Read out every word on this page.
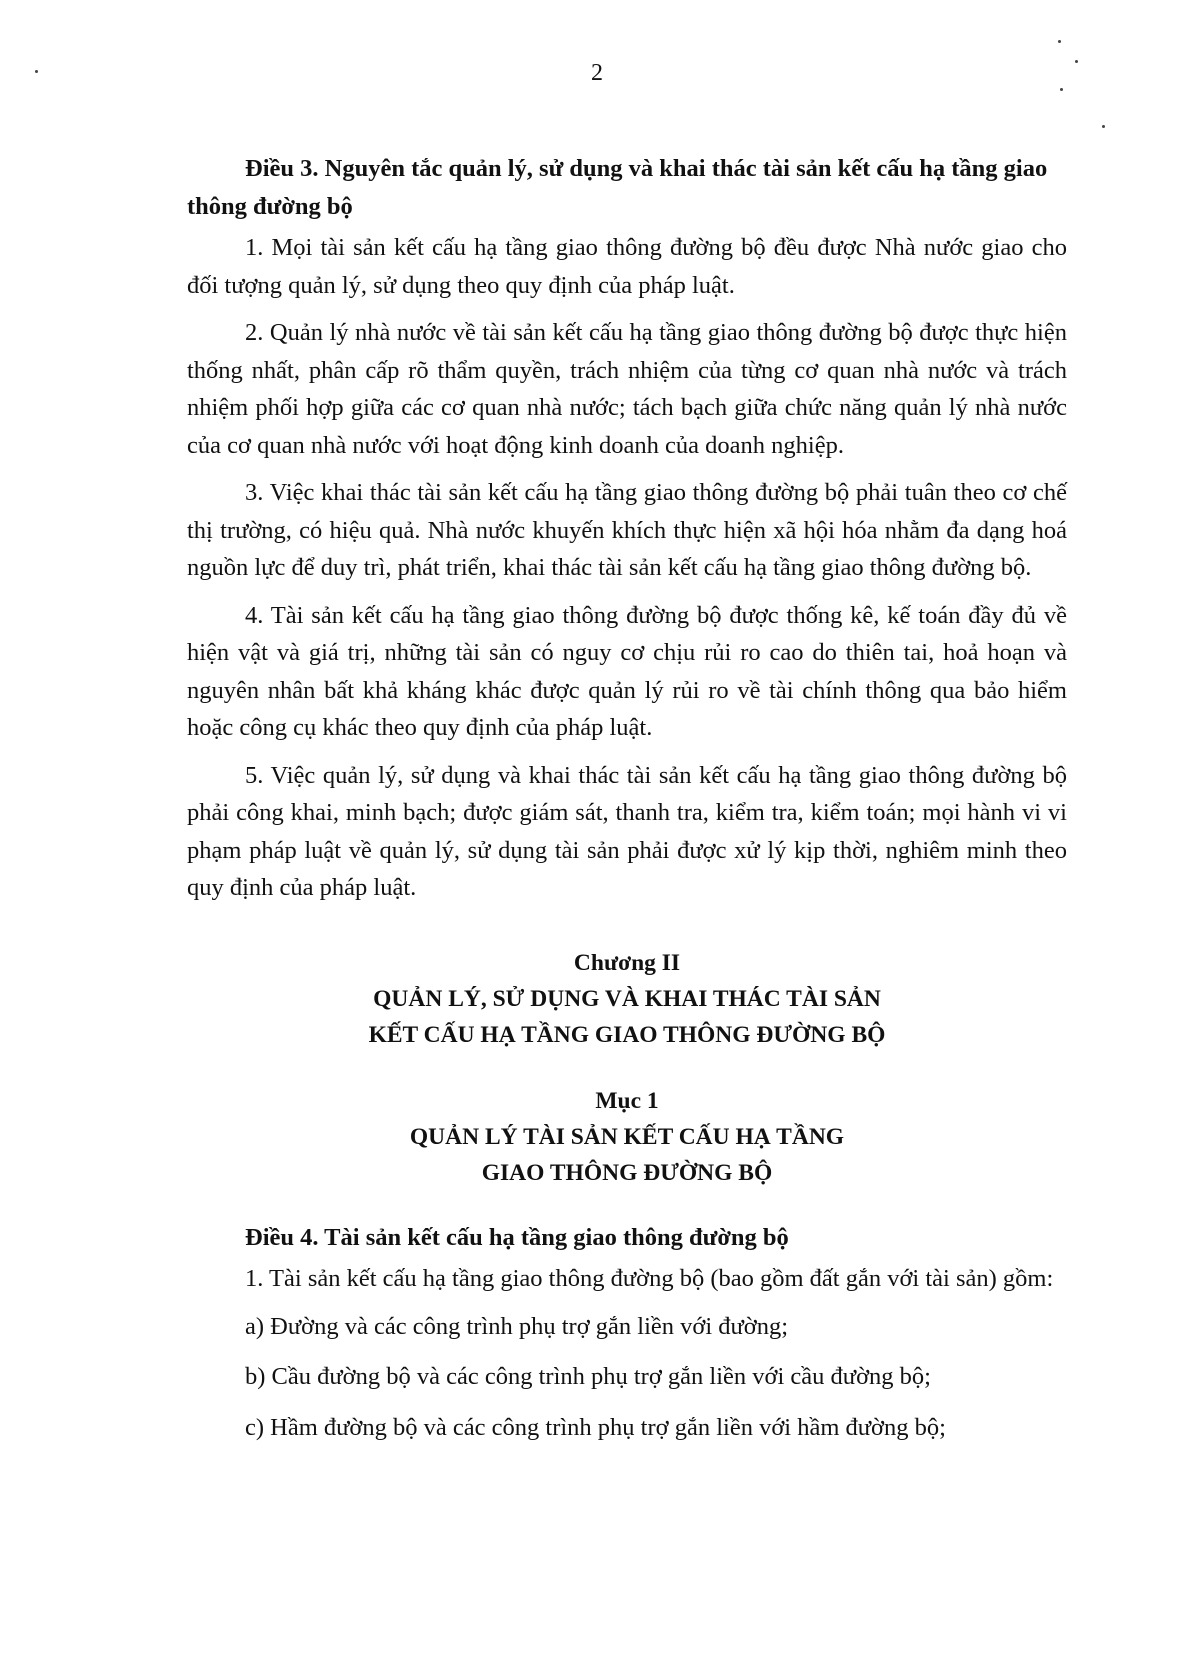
2

Điều 3. Nguyên tắc quản lý, sử dụng và khai thác tài sản kết cấu hạ tầng giao thông đường bộ

1. Mọi tài sản kết cấu hạ tầng giao thông đường bộ đều được Nhà nước giao cho đối tượng quản lý, sử dụng theo quy định của pháp luật.

2. Quản lý nhà nước về tài sản kết cấu hạ tầng giao thông đường bộ được thực hiện thống nhất, phân cấp rõ thẩm quyền, trách nhiệm của từng cơ quan nhà nước và trách nhiệm phối hợp giữa các cơ quan nhà nước; tách bạch giữa chức năng quản lý nhà nước của cơ quan nhà nước với hoạt động kinh doanh của doanh nghiệp.

3. Việc khai thác tài sản kết cấu hạ tầng giao thông đường bộ phải tuân theo cơ chế thị trường, có hiệu quả. Nhà nước khuyến khích thực hiện xã hội hóa nhằm đa dạng hoá nguồn lực để duy trì, phát triển, khai thác tài sản kết cấu hạ tầng giao thông đường bộ.

4. Tài sản kết cấu hạ tầng giao thông đường bộ được thống kê, kế toán đầy đủ về hiện vật và giá trị, những tài sản có nguy cơ chịu rủi ro cao do thiên tai, hoả hoạn và nguyên nhân bất khả kháng khác được quản lý rủi ro về tài chính thông qua bảo hiểm hoặc công cụ khác theo quy định của pháp luật.

5. Việc quản lý, sử dụng và khai thác tài sản kết cấu hạ tầng giao thông đường bộ phải công khai, minh bạch; được giám sát, thanh tra, kiểm tra, kiểm toán; mọi hành vi vi phạm pháp luật về quản lý, sử dụng tài sản phải được xử lý kịp thời, nghiêm minh theo quy định của pháp luật.

Chương II

QUẢN LÝ, SỬ DỤNG VÀ KHAI THÁC TÀI SẢN

KẾT CẤU HẠ TẦNG GIAO THÔNG ĐƯỜNG BỘ

Mục 1

QUẢN LÝ TÀI SẢN KẾT CẤU HẠ TẦNG

GIAO THÔNG ĐƯỜNG BỘ

Điều 4. Tài sản kết cấu hạ tầng giao thông đường bộ

1. Tài sản kết cấu hạ tầng giao thông đường bộ (bao gồm đất gắn với tài sản) gồm:

a) Đường và các công trình phụ trợ gắn liền với đường;

b) Cầu đường bộ và các công trình phụ trợ gắn liền với cầu đường bộ;

c) Hầm đường bộ và các công trình phụ trợ gắn liền với hầm đường bộ;
